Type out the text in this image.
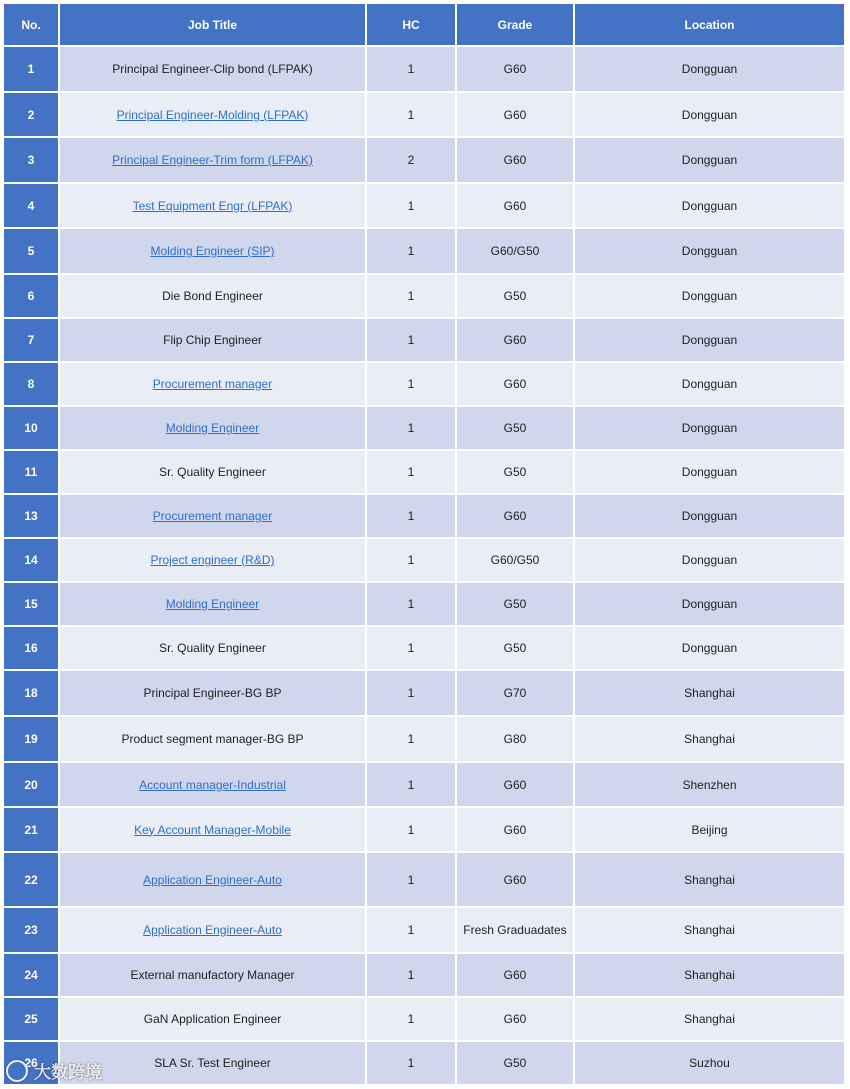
No.	Job Title	HC	Grade	Location
1	Principal Engineer-Clip bond (LFPAK)	1	G60	Dongguan
2	Principal Engineer-Molding (LFPAK)	1	G60	Dongguan
3	Principal Engineer-Trim form (LFPAK)	2	G60	Dongguan
4	Test Equipment Engr (LFPAK)	1	G60	Dongguan
5	Molding Engineer (SIP)	1	G60/G50	Dongguan
6	Die Bond Engineer	1	G50	Dongguan
7	Flip Chip Engineer	1	G60	Dongguan
8	Procurement manager	1	G60	Dongguan
10	Molding Engineer	1	G50	Dongguan
11	Sr. Quality Engineer	1	G50	Dongguan
13	Procurement manager	1	G60	Dongguan
14	Project engineer (R&D)	1	G60/G50	Dongguan
15	Molding Engineer	1	G50	Dongguan
16	Sr. Quality Engineer	1	G50	Dongguan
18	Principal Engineer-BG BP	1	G70	Shanghai
19	Product segment manager-BG BP	1	G80	Shanghai
20	Account manager-Industrial	1	G60	Shenzhen
21	Key Account Manager-Mobile	1	G60	Beijing
22	Application Engineer-Auto	1	G60	Shanghai
23	Application Engineer-Auto	1	Fresh Graduadates	Shanghai
24	External manufactory Manager	1	G60	Shanghai
25	GaN Application Engineer	1	G60	Shanghai
26	SLA Sr. Test Engineer	1	G50	Suzhou
大数跨境
